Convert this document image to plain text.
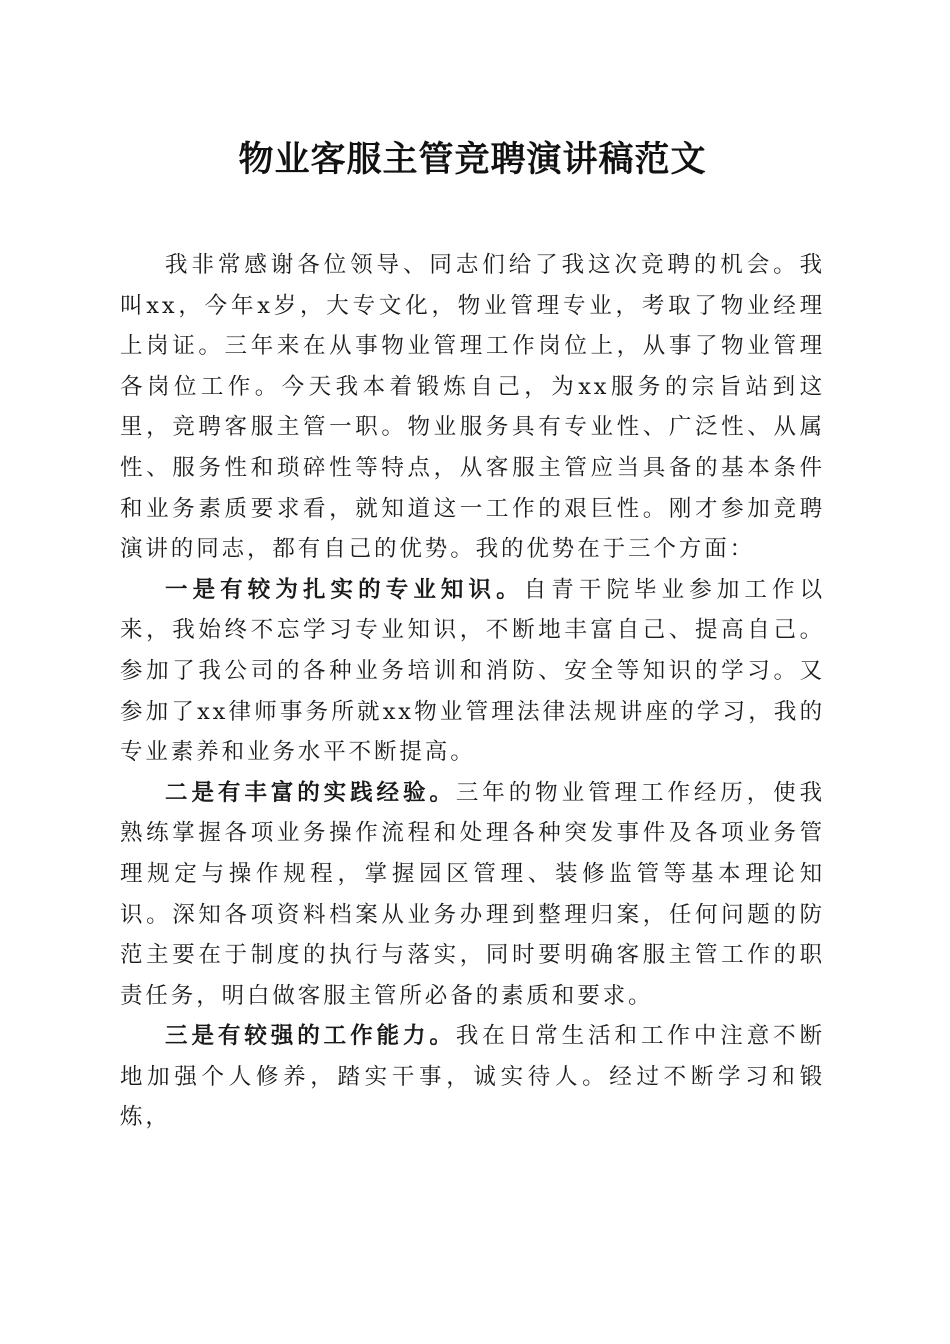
物业客服主管竞聘演讲稿范文

我非常感谢各位领导、同志们给了我这次竞聘的机会。我叫xx，今年x岁，大专文化，物业管理专业，考取了物业经理上岗证。三年来在从事物业管理工作岗位上，从事了物业管理各岗位工作。今天我本着锻炼自己，为xx服务的宗旨站到这里，竞聘客服主管一职。物业服务具有专业性、广泛性、从属性、服务性和琐碎性等特点，从客服主管应当具备的基本条件和业务素质要求看，就知道这一工作的艰巨性。刚才参加竞聘演讲的同志，都有自己的优势。我的优势在于三个方面：

一是有较为扎实的专业知识。自青干院毕业参加工作以来，我始终不忘学习专业知识，不断地丰富自己、提高自己。参加了我公司的各种业务培训和消防、安全等知识的学习。又参加了xx律师事务所就xx物业管理法律法规讲座的学习，我的专业素养和业务水平不断提高。

二是有丰富的实践经验。三年的物业管理工作经历，使我熟练掌握各项业务操作流程和处理各种突发事件及各项业务管理规定与操作规程，掌握园区管理、装修监管等基本理论知识。深知各项资料档案从业务办理到整理归案，任何问题的防范主要在于制度的执行与落实，同时要明确客服主管工作的职责任务，明白做客服主管所必备的素质和要求。

三是有较强的工作能力。我在日常生活和工作中注意不断地加强个人修养，踏实干事，诚实待人。经过不断学习和锻炼，
